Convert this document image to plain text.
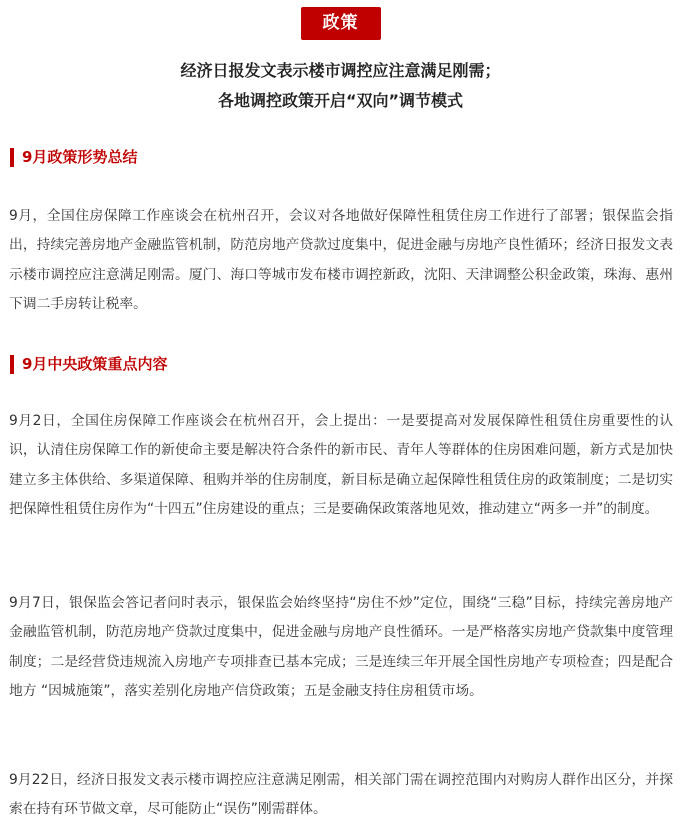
政策
经济日报发文表示楼市调控应注意满足刚需；
各地调控政策开启“双向”调节模式
9月政策形势总结

9月，全国住房保障工作座谈会在杭州召开，会议对各地做好保障性租赁住房工作进行了部署；银保监会指出，持续完善房地产金融监管机制，防范房地产贷款过度集中，促进金融与房地产良性循环；经济日报发文表示楼市调控应注意满足刚需。厦门、海口等城市发布楼市调控新政，沈阳、天津调整公积金政策，珠海、惠州下调二手房转让税率。

9月中央政策重点内容

9月2日，全国住房保障工作座谈会在杭州召开，会上提出：一是要提高对发展保障性租赁住房重要性的认识，认清住房保障工作的新使命主要是解决符合条件的新市民、青年人等群体的住房困难问题，新方式是加快建立多主体供给、多渠道保障、租购并举的住房制度，新目标是确立起保障性租赁住房的政策制度；二是切实把保障性租赁住房作为“十四五”住房建设的重点；三是要确保政策落地见效，推动建立“两多一并”的制度。

9月7日，银保监会答记者问时表示，银保监会始终坚持“房住不炒”定位，围绕“三稳”目标，持续完善房地产金融监管机制，防范房地产贷款过度集中，促进金融与房地产良性循环。一是严格落实房地产贷款集中度管理制度；二是经营贷违规流入房地产专项排查已基本完成；三是连续三年开展全国性房地产专项检查；四是配合地方 “因城施策”，落实差别化房地产信贷政策；五是金融支持住房租赁市场。

9月22日，经济日报发文表示楼市调控应注意满足刚需，相关部门需在调控范围内对购房人群作出区分，并探索在持有环节做文章，尽可能防止“误伤”刚需群体。
